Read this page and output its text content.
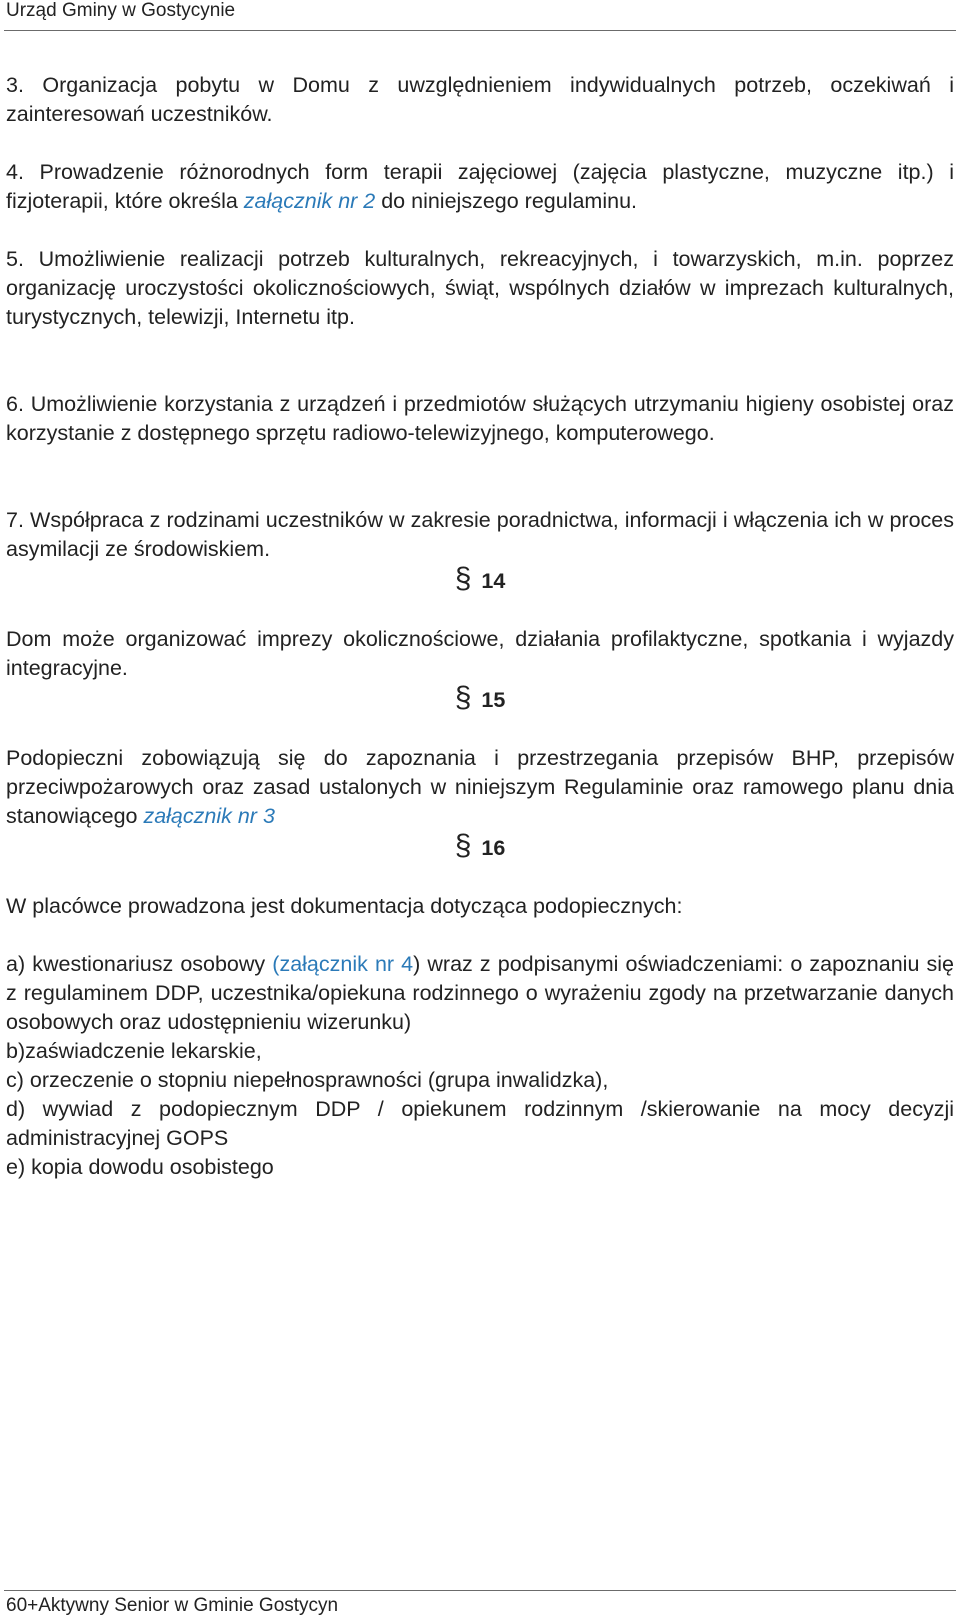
Urząd Gminy w Gostycynie

3. Organizacja pobytu w Domu z uwzględnieniem indywidualnych potrzeb, oczekiwań i zainteresowań uczestników.

4. Prowadzenie różnorodnych form terapii zajęciowej (zajęcia plastyczne, muzyczne itp.) i fizjoterapii, które określa załącznik nr 2 do niniejszego regulaminu.

5. Umożliwienie realizacji potrzeb kulturalnych, rekreacyjnych, i towarzyskich, m.in. poprzez organizację uroczystości okolicznościowych, świąt, wspólnych działów w imprezach kulturalnych, turystycznych, telewizji, Internetu itp.

6. Umożliwienie korzystania z urządzeń i przedmiotów służących utrzymaniu higieny osobistej oraz korzystanie z dostępnego sprzętu radiowo-telewizyjnego, komputerowego.

7. Współpraca z rodzinami uczestników w zakresie poradnictwa, informacji i włączenia ich w proces asymilacji ze środowiskiem.

§ 14

Dom może organizować imprezy okolicznościowe, działania profilaktyczne, spotkania i wyjazdy integracyjne.

§ 15

Podopieczni zobowiązują się do zapoznania i przestrzegania przepisów BHP, przepisów przeciwpożarowych oraz zasad ustalonych w niniejszym Regulaminie oraz ramowego planu dnia stanowiącego załącznik nr 3

§ 16

W placówce prowadzona jest dokumentacja dotycząca podopiecznych:

a) kwestionariusz osobowy (załącznik nr 4) wraz z podpisanymi oświadczeniami: o zapoznaniu się z regulaminem DDP, uczestnika/opiekuna rodzinnego o wyrażeniu zgody na przetwarzanie danych osobowych oraz udostępnieniu wizerunku)

b)zaświadczenie lekarskie,

c) orzeczenie o stopniu niepełnosprawności (grupa inwalidzka),

d) wywiad z podopiecznym DDP / opiekunem rodzinnym /skierowanie na mocy decyzji administracyjnej GOPS

e) kopia dowodu osobistego

60+Aktywny Senior w Gminie Gostycyn
